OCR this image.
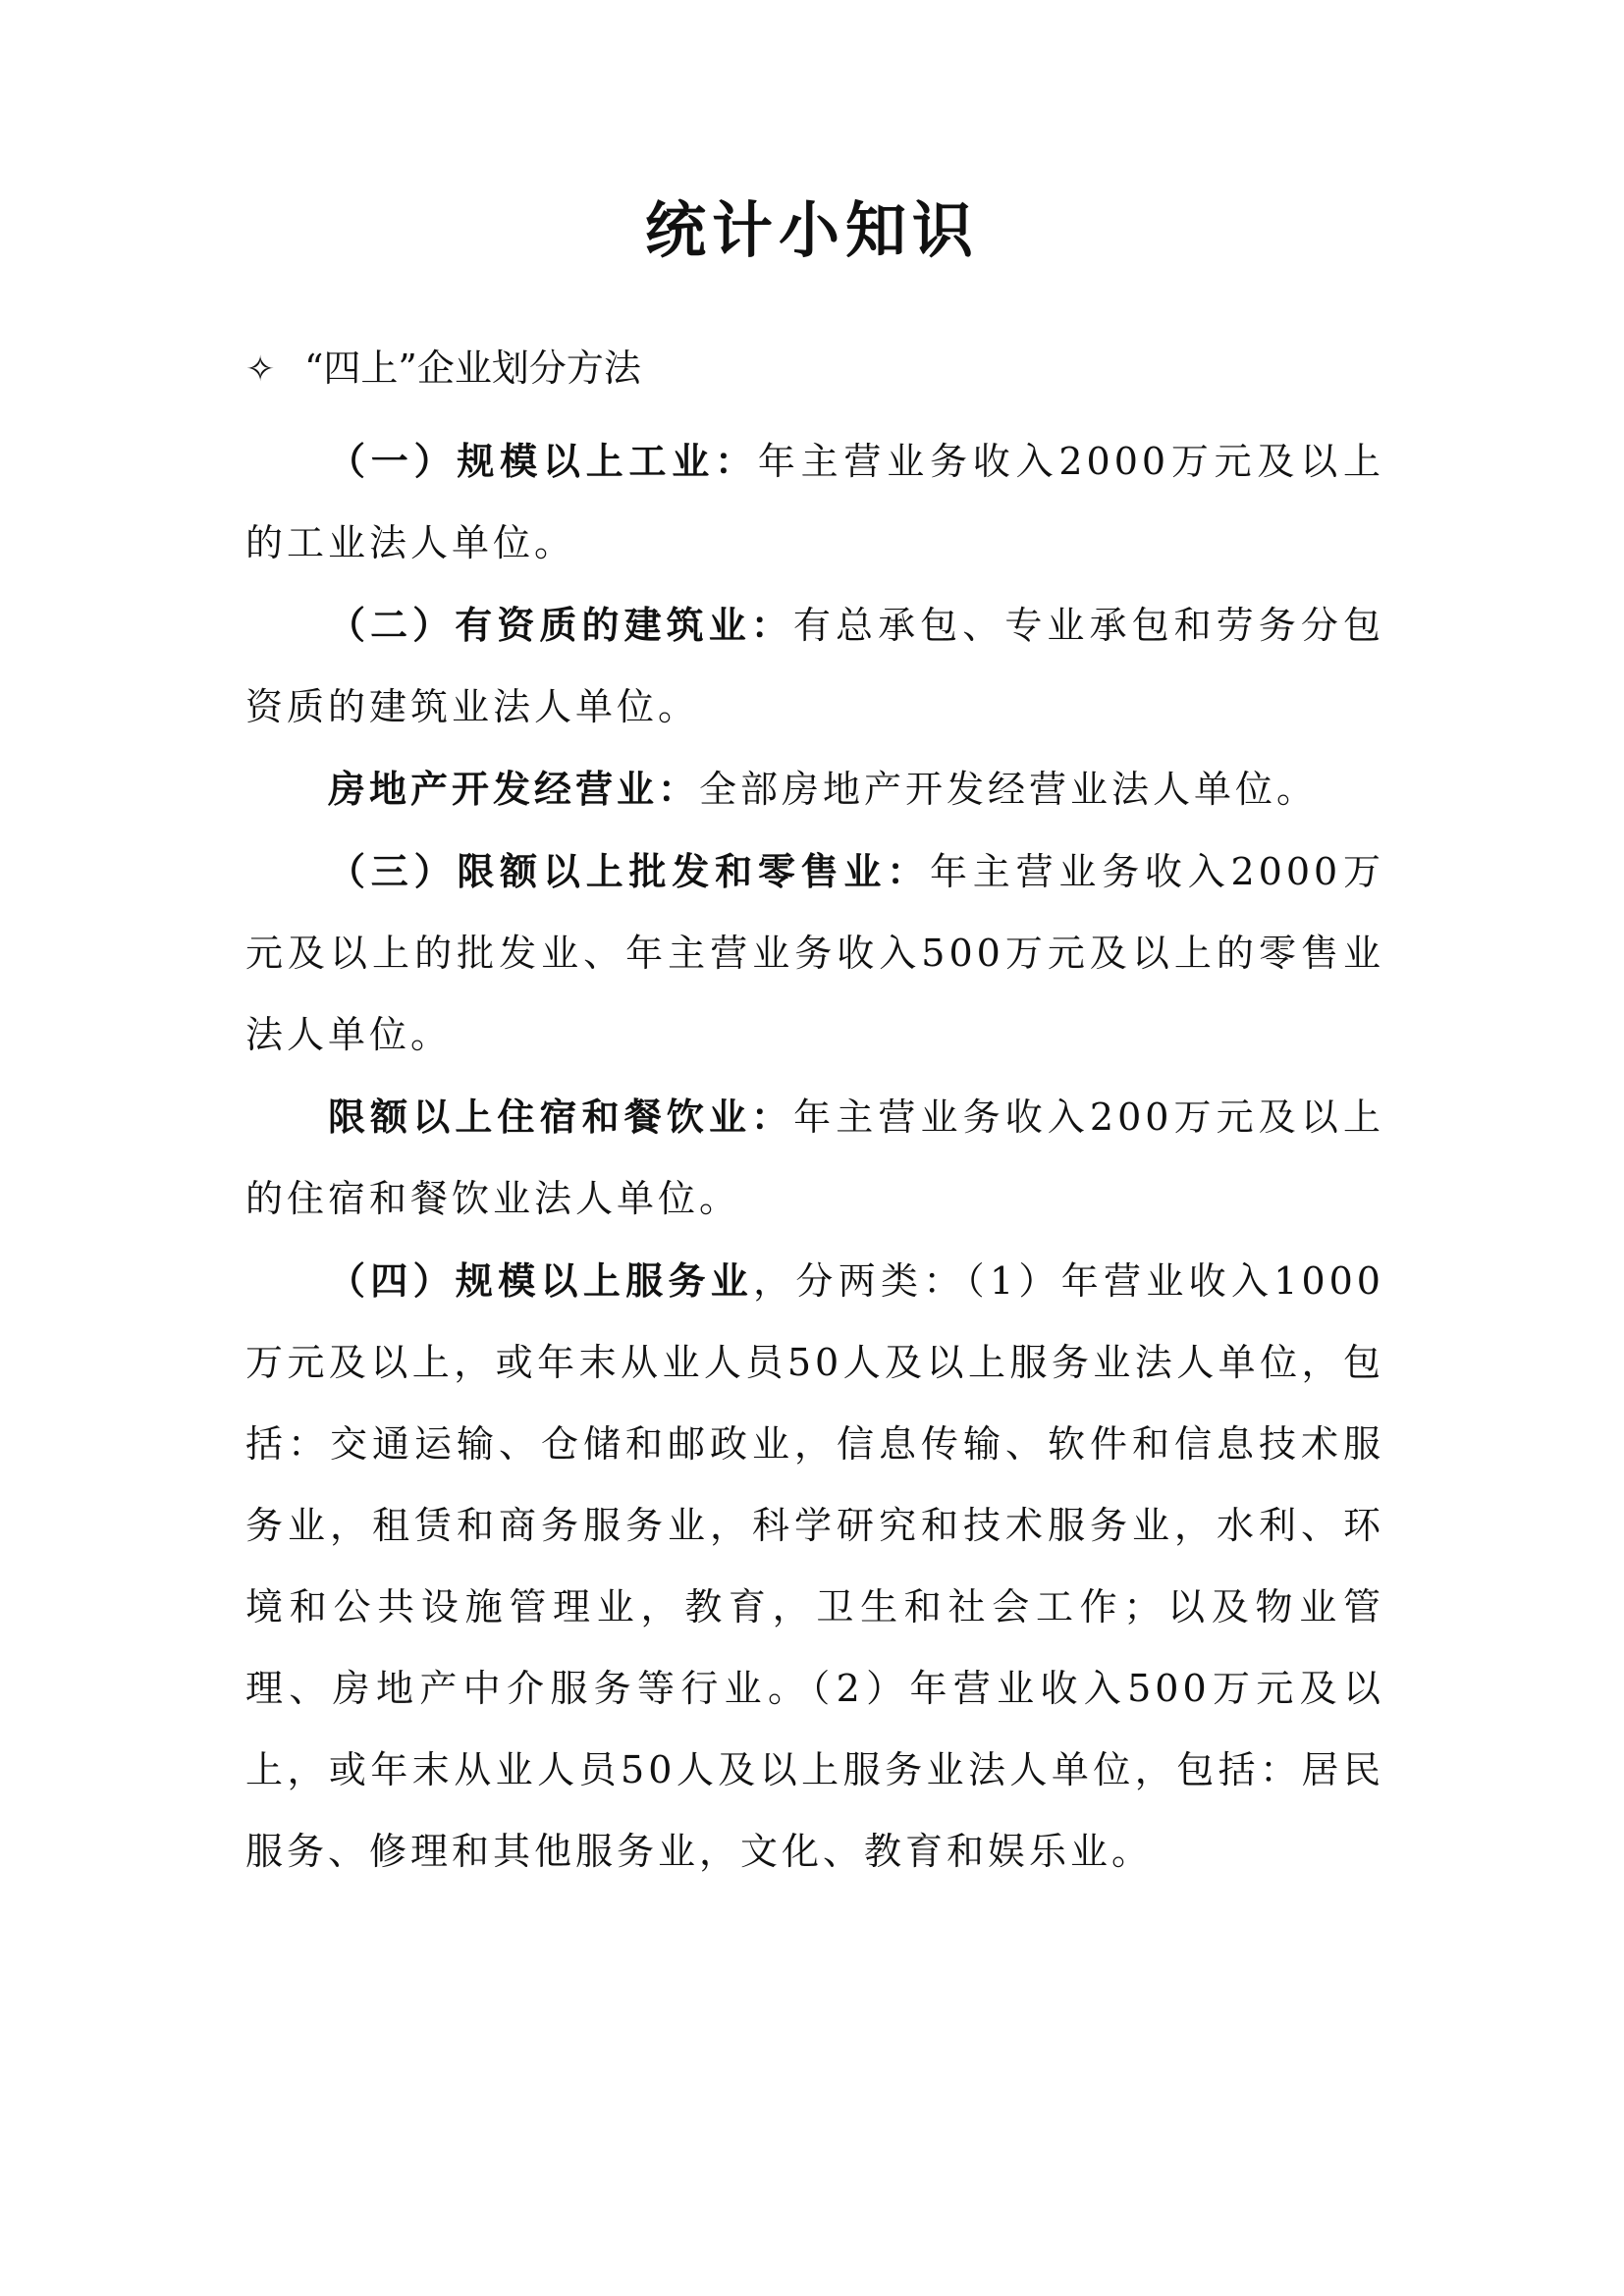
统计小知识
✧ “四上”企业划分方法

（一）规模以上工业：年主营业务收入2000万元及以上的工业法人单位。

（二）有资质的建筑业：有总承包、专业承包和劳务分包资质的建筑业法人单位。

房地产开发经营业：全部房地产开发经营业法人单位。

（三）限额以上批发和零售业：年主营业务收入2000万元及以上的批发业、年主营业务收入500万元及以上的零售业法人单位。

限额以上住宿和餐饮业：年主营业务收入200万元及以上的住宿和餐饮业法人单位。

（四）规模以上服务业，分两类：（1）年营业收入1000万元及以上，或年末从业人员50人及以上服务业法人单位，包括：交通运输、仓储和邮政业，信息传输、软件和信息技术服务业，租赁和商务服务业，科学研究和技术服务业，水利、环境和公共设施管理业，教育，卫生和社会工作；以及物业管理、房地产中介服务等行业。（2）年营业收入500万元及以上，或年末从业人员50人及以上服务业法人单位，包括：居民服务、修理和其他服务业，文化、教育和娱乐业。
